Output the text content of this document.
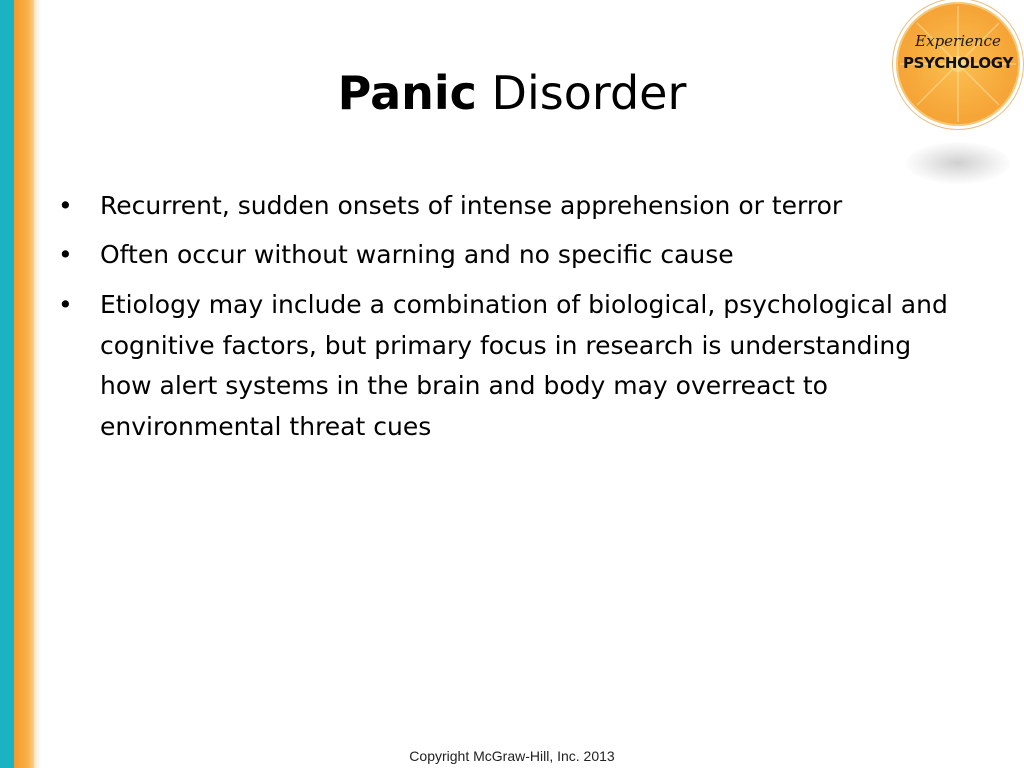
Panic Disorder
• Recurrent, sudden onsets of intense apprehension or terror
• Often occur without warning and no specific cause
• Etiology may include a combination of biological, psychological and cognitive factors, but primary focus in research is understanding how alert systems in the brain and body may overreact to environmental threat cues
Experience
PSYCHOLOGY
Copyright McGraw-Hill, Inc. 2013
